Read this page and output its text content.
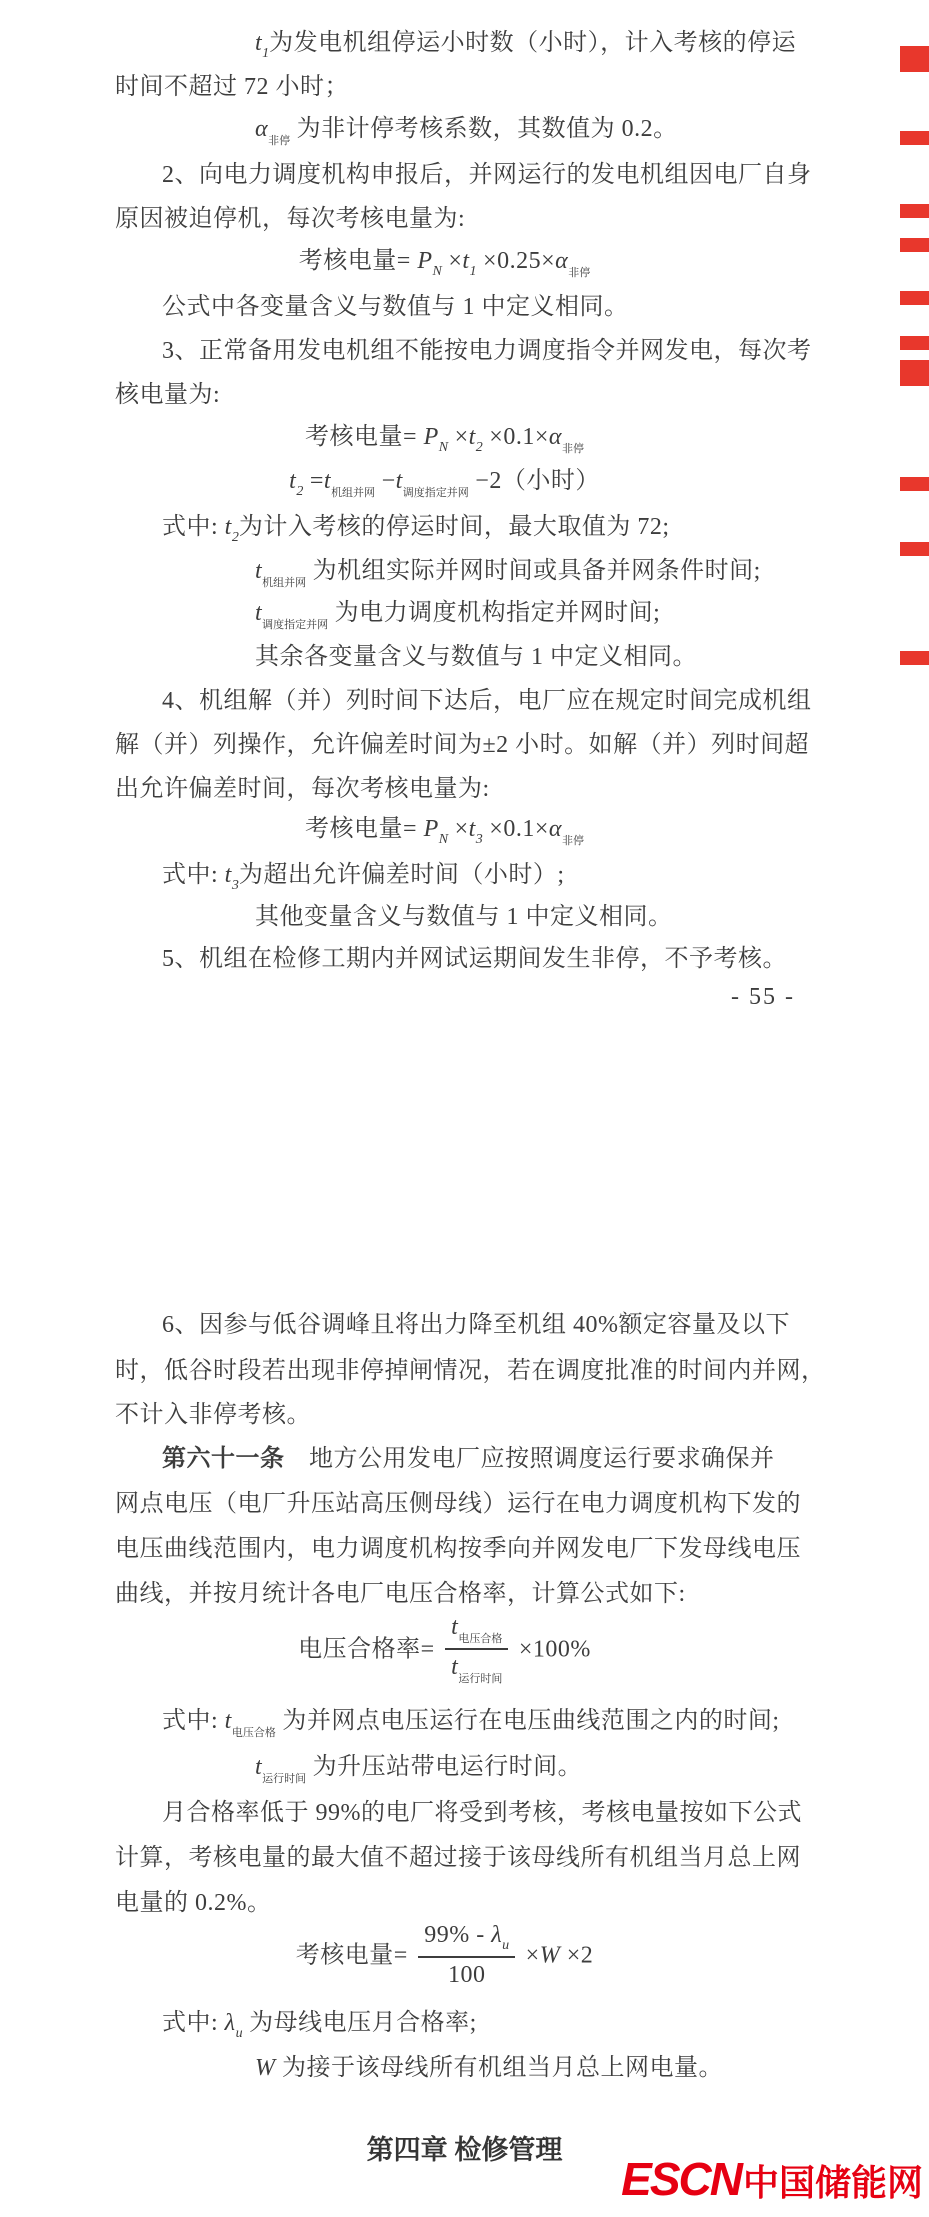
$t_1$为发电机组停运小时数（小时），计入考核的停运
时间不超过 72 小时；
$\alpha_{非停}$ 为非计停考核系数，其数值为 0.2。
2、向电力调度机构申报后，并网运行的发电机组因电厂自身
原因被迫停机，每次考核电量为:
考核电量= $P_N \times t_1 \times 0.25\times\alpha_{非停}$
公式中各变量含义与数值与 1 中定义相同。
3、正常备用发电机组不能按电力调度指令并网发电，每次考
核电量为:
考核电量= $P_N \times t_2 \times 0.1\times\alpha_{非停}$
$t_2 =t_{机组并网} -t_{调度指定并网} -2$（小时）
式中: $t_2$为计入考核的停运时间，最大取值为 72;
$t_{机组并网}$ 为机组实际并网时间或具备并网条件时间;
$t_{调度指定并网}$ 为电力调度机构指定并网时间;
其余各变量含义与数值与 1 中定义相同。
4、机组解（并）列时间下达后，电厂应在规定时间完成机组
解（并）列操作，允许偏差时间为±2 小时。如解（并）列时间超
出允许偏差时间，每次考核电量为:
考核电量= $P_N \times t_3 \times 0.1\times\alpha_{非停}$
式中: $t_3$为超出允许偏差时间（小时）;
其他变量含义与数值与 1 中定义相同。
5、机组在检修工期内并网试运期间发生非停，不予考核。
6、因参与低谷调峰且将出力降至机组 40%额定容量及以下
时，低谷时段若出现非停掉闸情况，若在调度批准的时间内并网，
不计入非停考核。
第六十一条　地方公用发电厂应按照调度运行要求确保并
网点电压（电厂升压站高压侧母线）运行在电力调度机构下发的
电压曲线范围内，电力调度机构按季向并网发电厂下发母线电压
曲线，并按月统计各电厂电压合格率，计算公式如下:
电压合格率= $\frac{t_{电压合格}}{t_{运行时间}} \times 100\%$
式中: $t_{电压合格}$ 为并网点电压运行在电压曲线范围之内的时间;
$t_{运行时间}$ 为升压站带电运行时间。
月合格率低于 99%的电厂将受到考核，考核电量按如下公式
计算，考核电量的最大值不超过接于该母线所有机组当月总上网
电量的 0.2%。
考核电量= $\frac{99\% - \lambda_u}{100} \times W \times 2$
式中: $\lambda_u$ 为母线电压月合格率;
W 为接于该母线所有机组当月总上网电量。
- 55 -
第四章 检修管理
ESCN中国储能网
